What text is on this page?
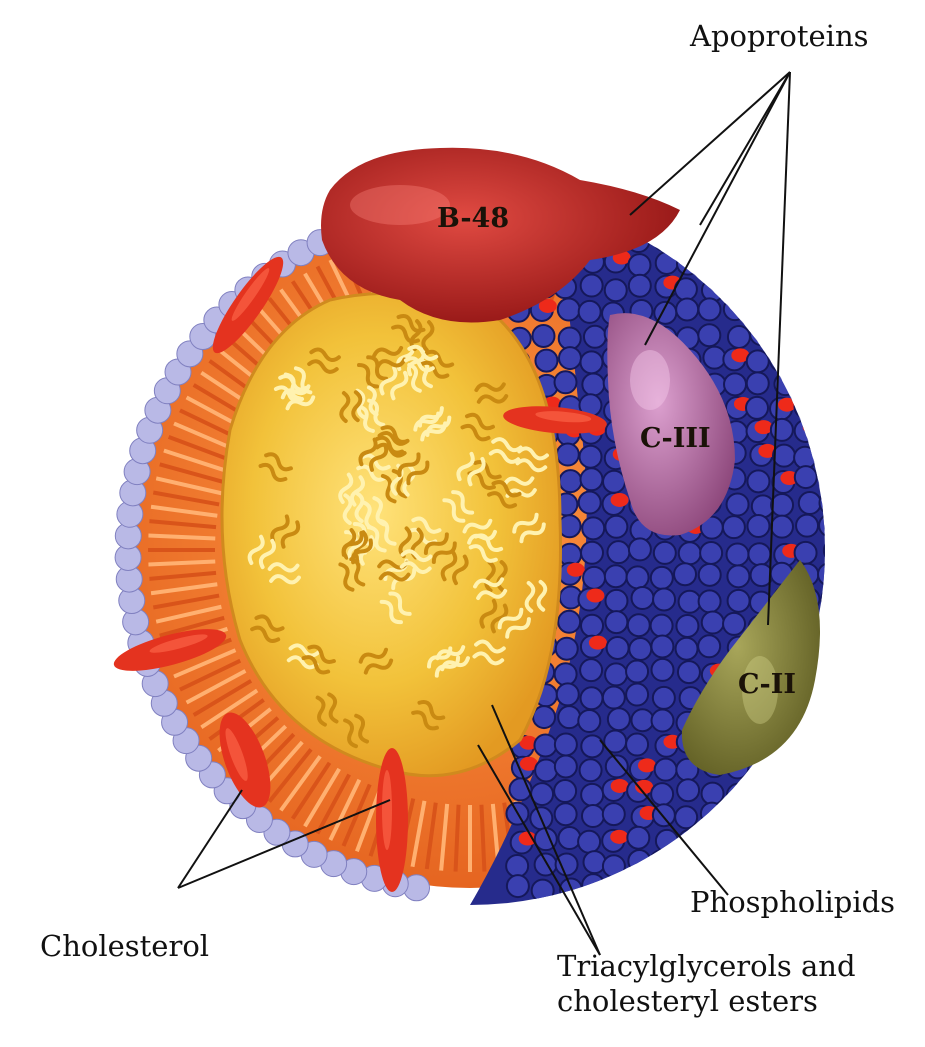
B-48
C-III
C-II
Apoproteins
Phospholipids
Cholesterol
Triacylglycerols and
cholesteryl esters
